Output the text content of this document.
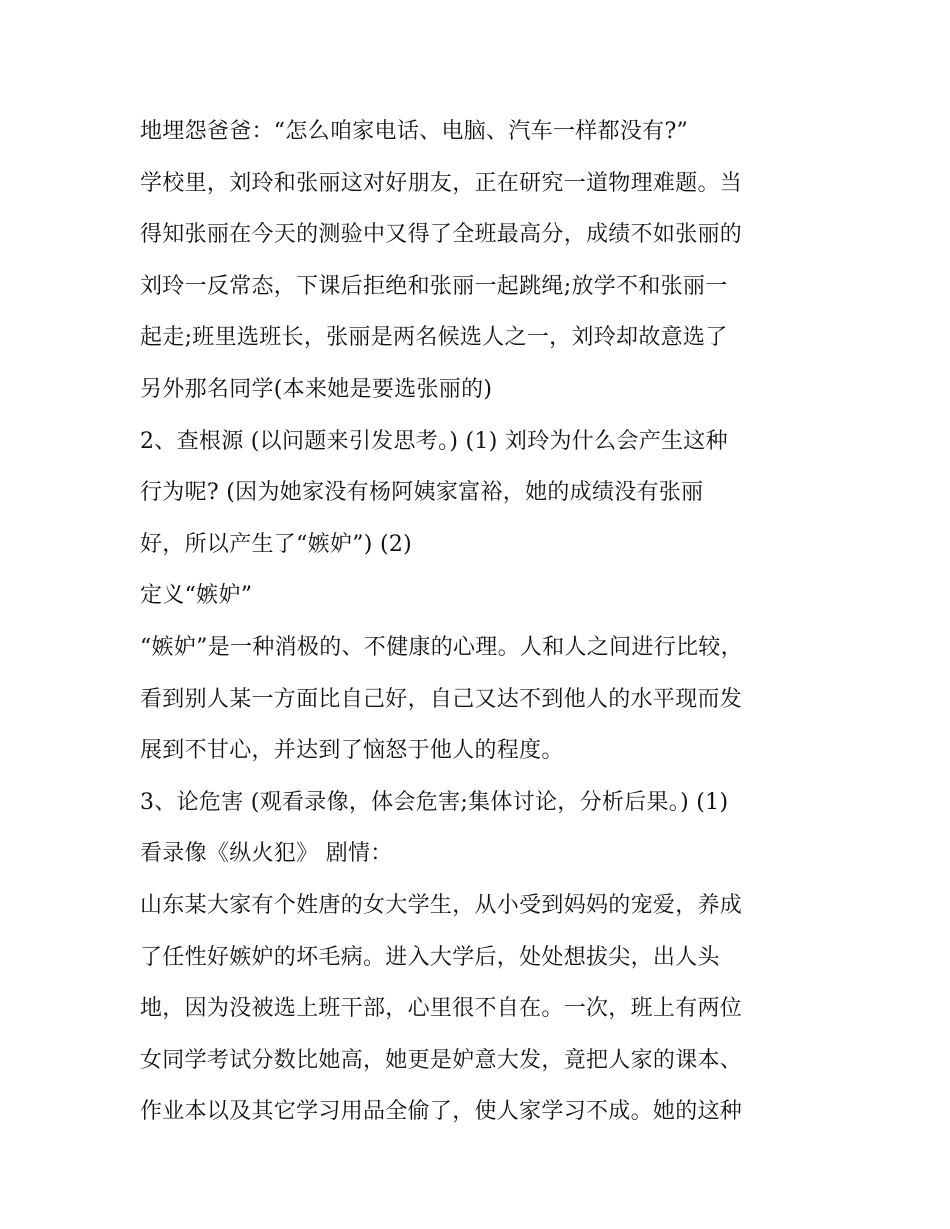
地埋怨爸爸：“怎么咱家电话、电脑、汽车一样都没有?”
学校里，刘玲和张丽这对好朋友，正在研究一道物理难题。当
得知张丽在今天的测验中又得了全班最高分，成绩不如张丽的
刘玲一反常态，下课后拒绝和张丽一起跳绳;放学不和张丽一
起走;班里选班长，张丽是两名候选人之一，刘玲却故意选了
另外那名同学(本来她是要选张丽的)
2、查根源 (以问题来引发思考。) (1) 刘玲为什么会产生这种
行为呢? (因为她家没有杨阿姨家富裕，她的成绩没有张丽
好，所以产生了“嫉妒”) (2)
定义“嫉妒”
“嫉妒”是一种消极的、不健康的心理。人和人之间进行比较，
看到别人某一方面比自己好，自己又达不到他人的水平现而发
展到不甘心，并达到了恼怒于他人的程度。
3、论危害 (观看录像，体会危害;集体讨论，分析后果。) (1)
看录像《纵火犯》 剧情：
山东某大家有个姓唐的女大学生，从小受到妈妈的宠爱，养成
了任性好嫉妒的坏毛病。进入大学后，处处想拔尖，出人头
地，因为没被选上班干部，心里很不自在。一次，班上有两位
女同学考试分数比她高，她更是妒意大发，竟把人家的课本、
作业本以及其它学习用品全偷了，使人家学习不成。她的这种
